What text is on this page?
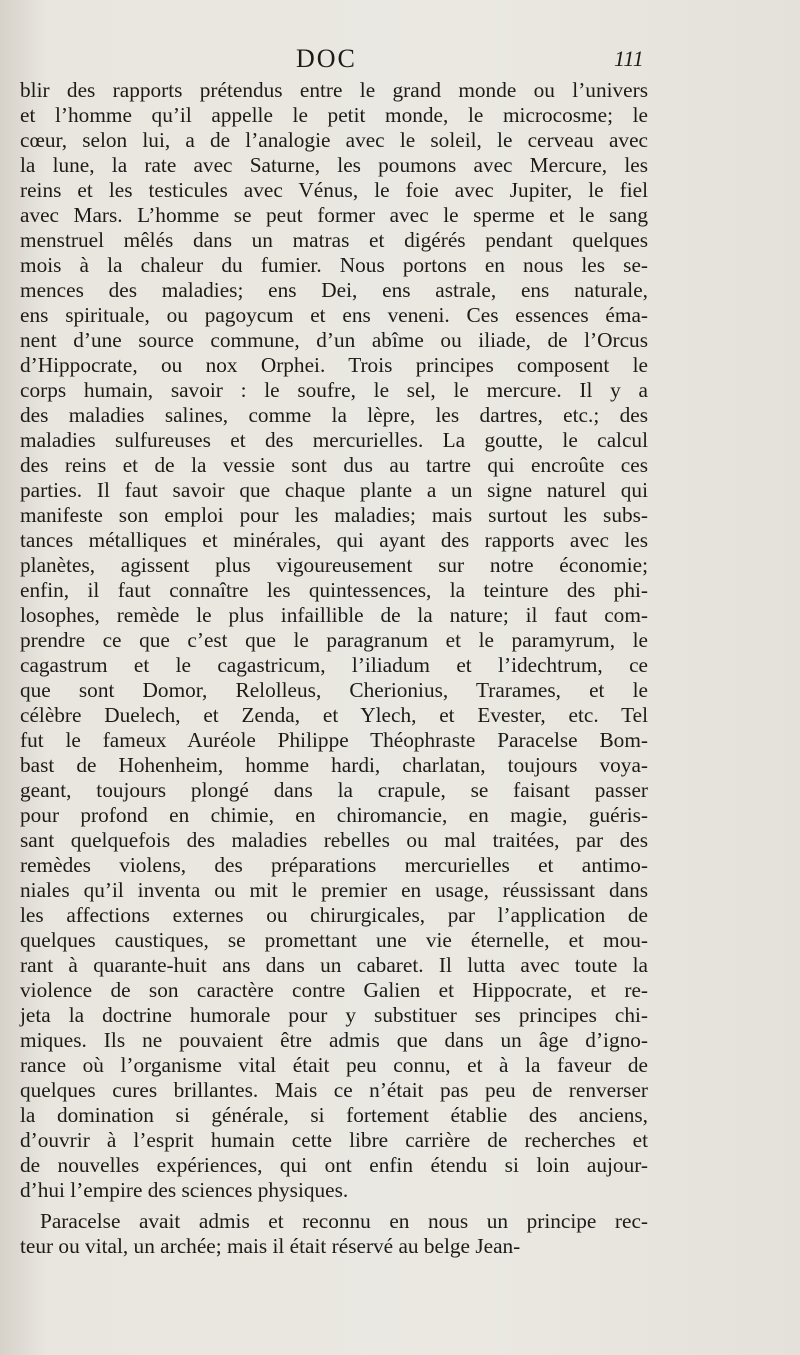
DOC	111
blir des rapports prétendus entre le grand monde ou l’univers
et l’homme qu’il appelle le petit monde, le microcosme; le
cœur, selon lui, a de l’analogie avec le soleil, le cerveau avec
la lune, la rate avec Saturne, les poumons avec Mercure, les
reins et les testicules avec Vénus, le foie avec Jupiter, le fiel
avec Mars. L’homme se peut former avec le sperme et le sang
menstruel mêlés dans un matras et digérés pendant quelques
mois à la chaleur du fumier. Nous portons en nous les se-
mences des maladies; ens Dei, ens astrale, ens naturale,
ens spirituale, ou pagoycum et ens veneni. Ces essences éma-
nent d’une source commune, d’un abîme ou iliade, de l’Orcus
d’Hippocrate, ou nox Orphei. Trois principes composent le
corps humain, savoir : le soufre, le sel, le mercure. Il y a
des maladies salines, comme la lèpre, les dartres, etc.; des
maladies sulfureuses et des mercurielles. La goutte, le calcul
des reins et de la vessie sont dus au tartre qui encroûte ces
parties. Il faut savoir que chaque plante a un signe naturel qui
manifeste son emploi pour les maladies; mais surtout les subs-
tances métalliques et minérales, qui ayant des rapports avec les
planètes, agissent plus vigoureusement sur notre économie;
enfin, il faut connaître les quintessences, la teinture des phi-
losophes, remède le plus infaillible de la nature; il faut com-
prendre ce que c’est que le paragranum et le paramyrum, le
cagastrum et le cagastricum, l’iliadum et l’idechtrum, ce
que sont Domor, Relolleus, Cherionius, Trarames, et le
célèbre Duelech, et Zenda, et Ylech, et Evester, etc. Tel
fut le fameux Auréole Philippe Théophraste Paracelse Bom-
bast de Hohenheim, homme hardi, charlatan, toujours voya-
geant, toujours plongé dans la crapule, se faisant passer
pour profond en chimie, en chiromancie, en magie, guéris-
sant quelquefois des maladies rebelles ou mal traitées, par des
remèdes violens, des préparations mercurielles et antimo-
niales qu’il inventa ou mit le premier en usage, réussissant dans
les affections externes ou chirurgicales, par l’application de
quelques caustiques, se promettant une vie éternelle, et mou-
rant à quarante-huit ans dans un cabaret. Il lutta avec toute la
violence de son caractère contre Galien et Hippocrate, et re-
jeta la doctrine humorale pour y substituer ses principes chi-
miques. Ils ne pouvaient être admis que dans un âge d’igno-
rance où l’organisme vital était peu connu, et à la faveur de
quelques cures brillantes. Mais ce n’était pas peu de renverser
la domination si générale, si fortement établie des anciens,
d’ouvrir à l’esprit humain cette libre carrière de recherches et
de nouvelles expériences, qui ont enfin étendu si loin aujour-
d’hui l’empire des sciences physiques.
Paracelse avait admis et reconnu en nous un principe rec-
teur ou vital, un archée; mais il était réservé au belge Jean-
